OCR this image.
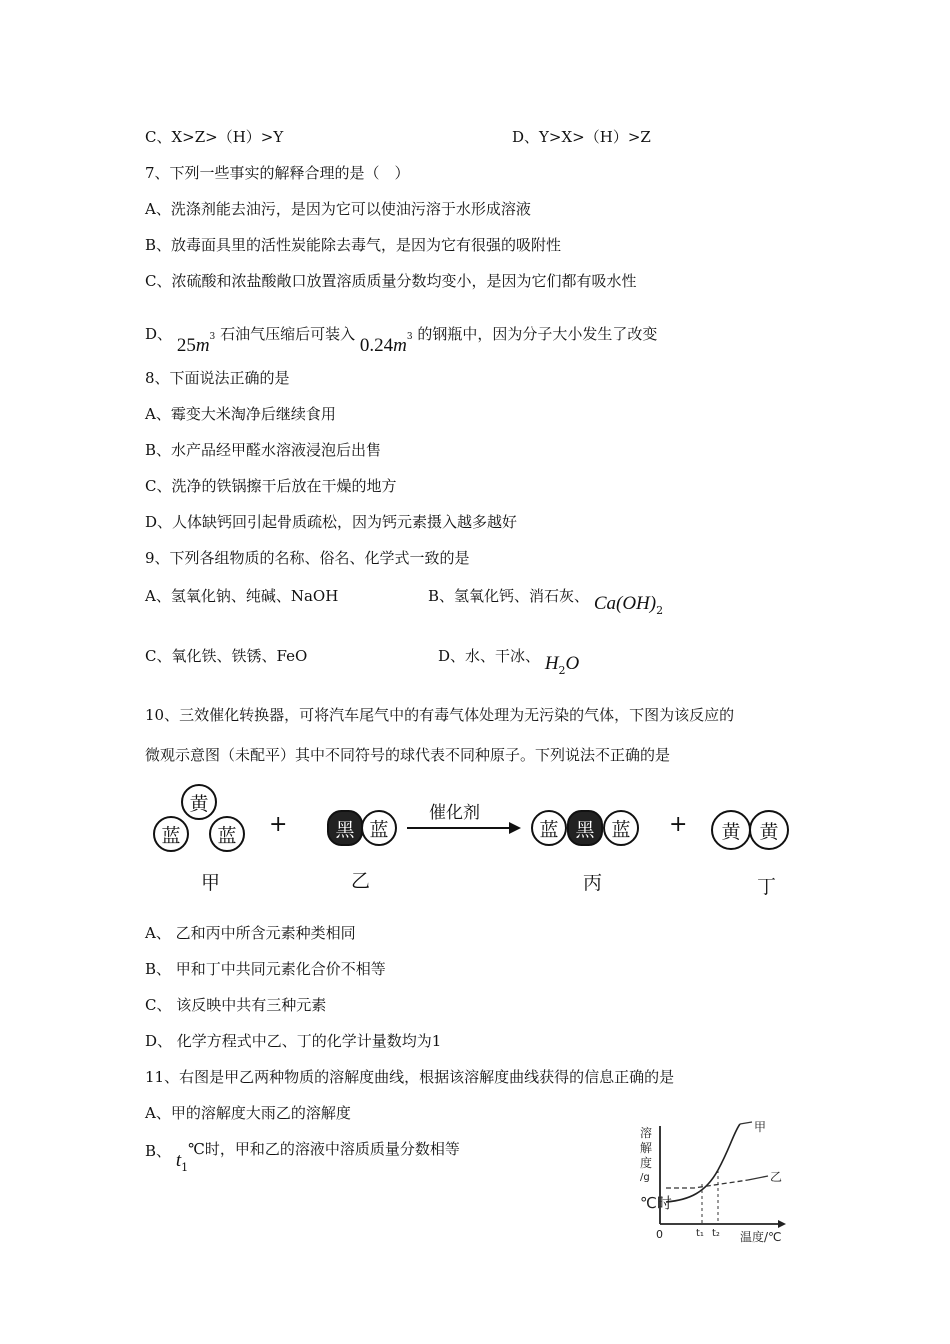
C、X>Z>（H）>Y	D、Y>X>（H）>Z
7、下列一些事实的解释合理的是（　）
A、洗涤剂能去油污，是因为它可以使油污溶于水形成溶液
B、放毒面具里的活性炭能除去毒气，是因为它有很强的吸附性
C、浓硫酸和浓盐酸敞口放置溶质质量分数均变小，是因为它们都有吸水性
D、 $25m^3$ 石油气压缩后可装入 $0.24m^3$ 的钢瓶中，因为分子大小发生了改变
8、下面说法正确的是
A、霉变大米淘净后继续食用
B、水产品经甲醛水溶液浸泡后出售
C、洗净的铁锅擦干后放在干燥的地方
D、人体缺钙回引起骨质疏松，因为钙元素摄入越多越好
9、下列各组物质的名称、俗名、化学式一致的是
A、氢氧化钠、纯碱、NaOH	B、氢氧化钙、消石灰、 $Ca(OH)_2$
C、氧化铁、铁锈、FeO	D、水、干冰、 $H_2O$
10、三效催化转换器，可将汽车尾气中的有毒气体处理为无污染的气体，下图为该反应的
微观示意图（未配平）其中不同符号的球代表不同种原子。下列说法不正确的是
黄
蓝	蓝
甲
+	黑 蓝
乙
催化剂
蓝 黑 蓝
丙
+	黄 黄
丁
A、 乙和丙中所含元素种类相同
B、 甲和丁中共同元素化合价不相等
C、 该反映中共有三种元素
D、 化学方程式中乙、丁的化学计量数均为1
11、右图是甲乙两种物质的溶解度曲线，根据该溶解度曲线获得的信息正确的是
A、甲的溶解度大雨乙的溶解度
B、 $t_1℃$时，甲和乙的溶液中溶质质量分数相等
溶解度
/g
℃时
甲
乙
0	t₁ t₂ 温度/℃
